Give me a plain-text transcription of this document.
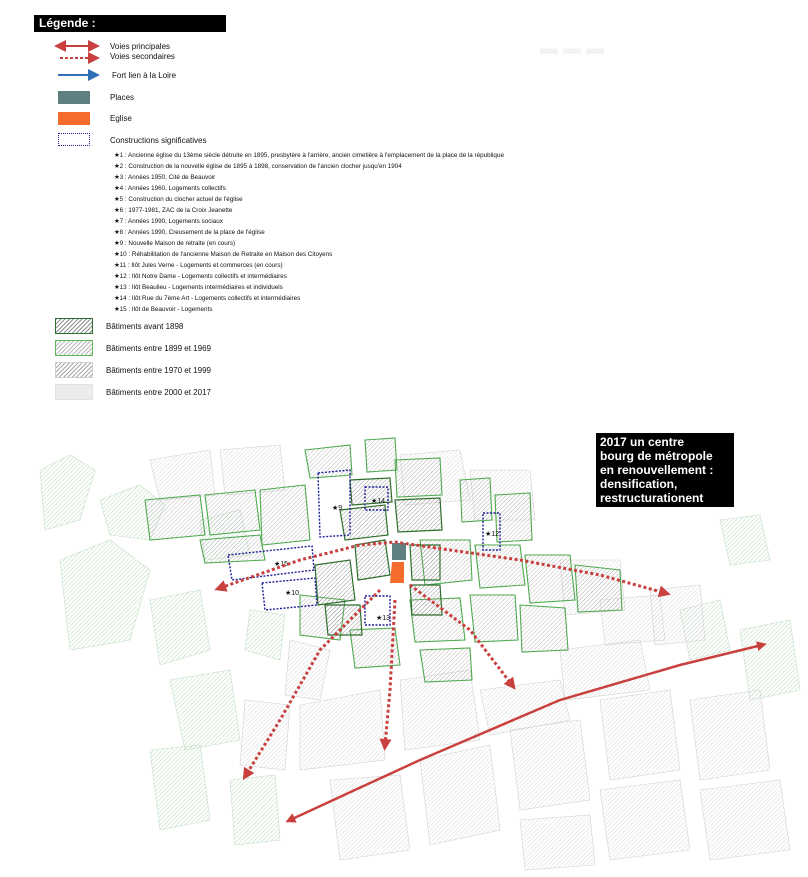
Légende :
Voies principales
Voies secondaires
Fort lien à la Loire
Places
Eglise
Constructions significatives
★1 : Ancienne église du 13ème siècle détruite en 1895, presbytère à l'arrière, ancien cimetière à l'emplacement de la place de la république
★2 : Construction de la nouvelle église de 1895 à 1898, conservation de l'ancien clocher jusqu'en 1904
★3 : Années 1950, Cité de Beauvoir
★4 : Années 1960, Logements collectifs
★5 : Construction du clocher actuel de l'église
★6 : 1977-1981, ZAC de la Croix Jeanette
★7 : Années 1990, Logements sociaux
★8 : Années 1990, Creusement de la place de l'église
★9 : Nouvelle Maison de retraite (en cours)
★10 : Réhabilitation de l'ancienne Maison de Retraite en Maison des Citoyens
★11 : Ilôt Jules Verne - Logements et commerces (en cours)
★12 : Ilôt Notre Dame - Logements collectifs et intermédiaires
★13 : Ilôt Beaulieu - Logements intermédiaires et individuels
★14 : Ilôt Rue du 7ème Art - Logements collectifs et intermédiaires
★15 : Ilôt de Beauvoir - Logements
Bâtiments avant 1898
Bâtiments entre 1899 et 1969
Bâtiments entre 1970 et 1999
Bâtiments entre 2000 et 2017
★9
★14
★12
★15
★10
★13
▬ ▬ ▬
2017 un centre
bourg de métropole
en renouvellement :
densification,
restructurationent
